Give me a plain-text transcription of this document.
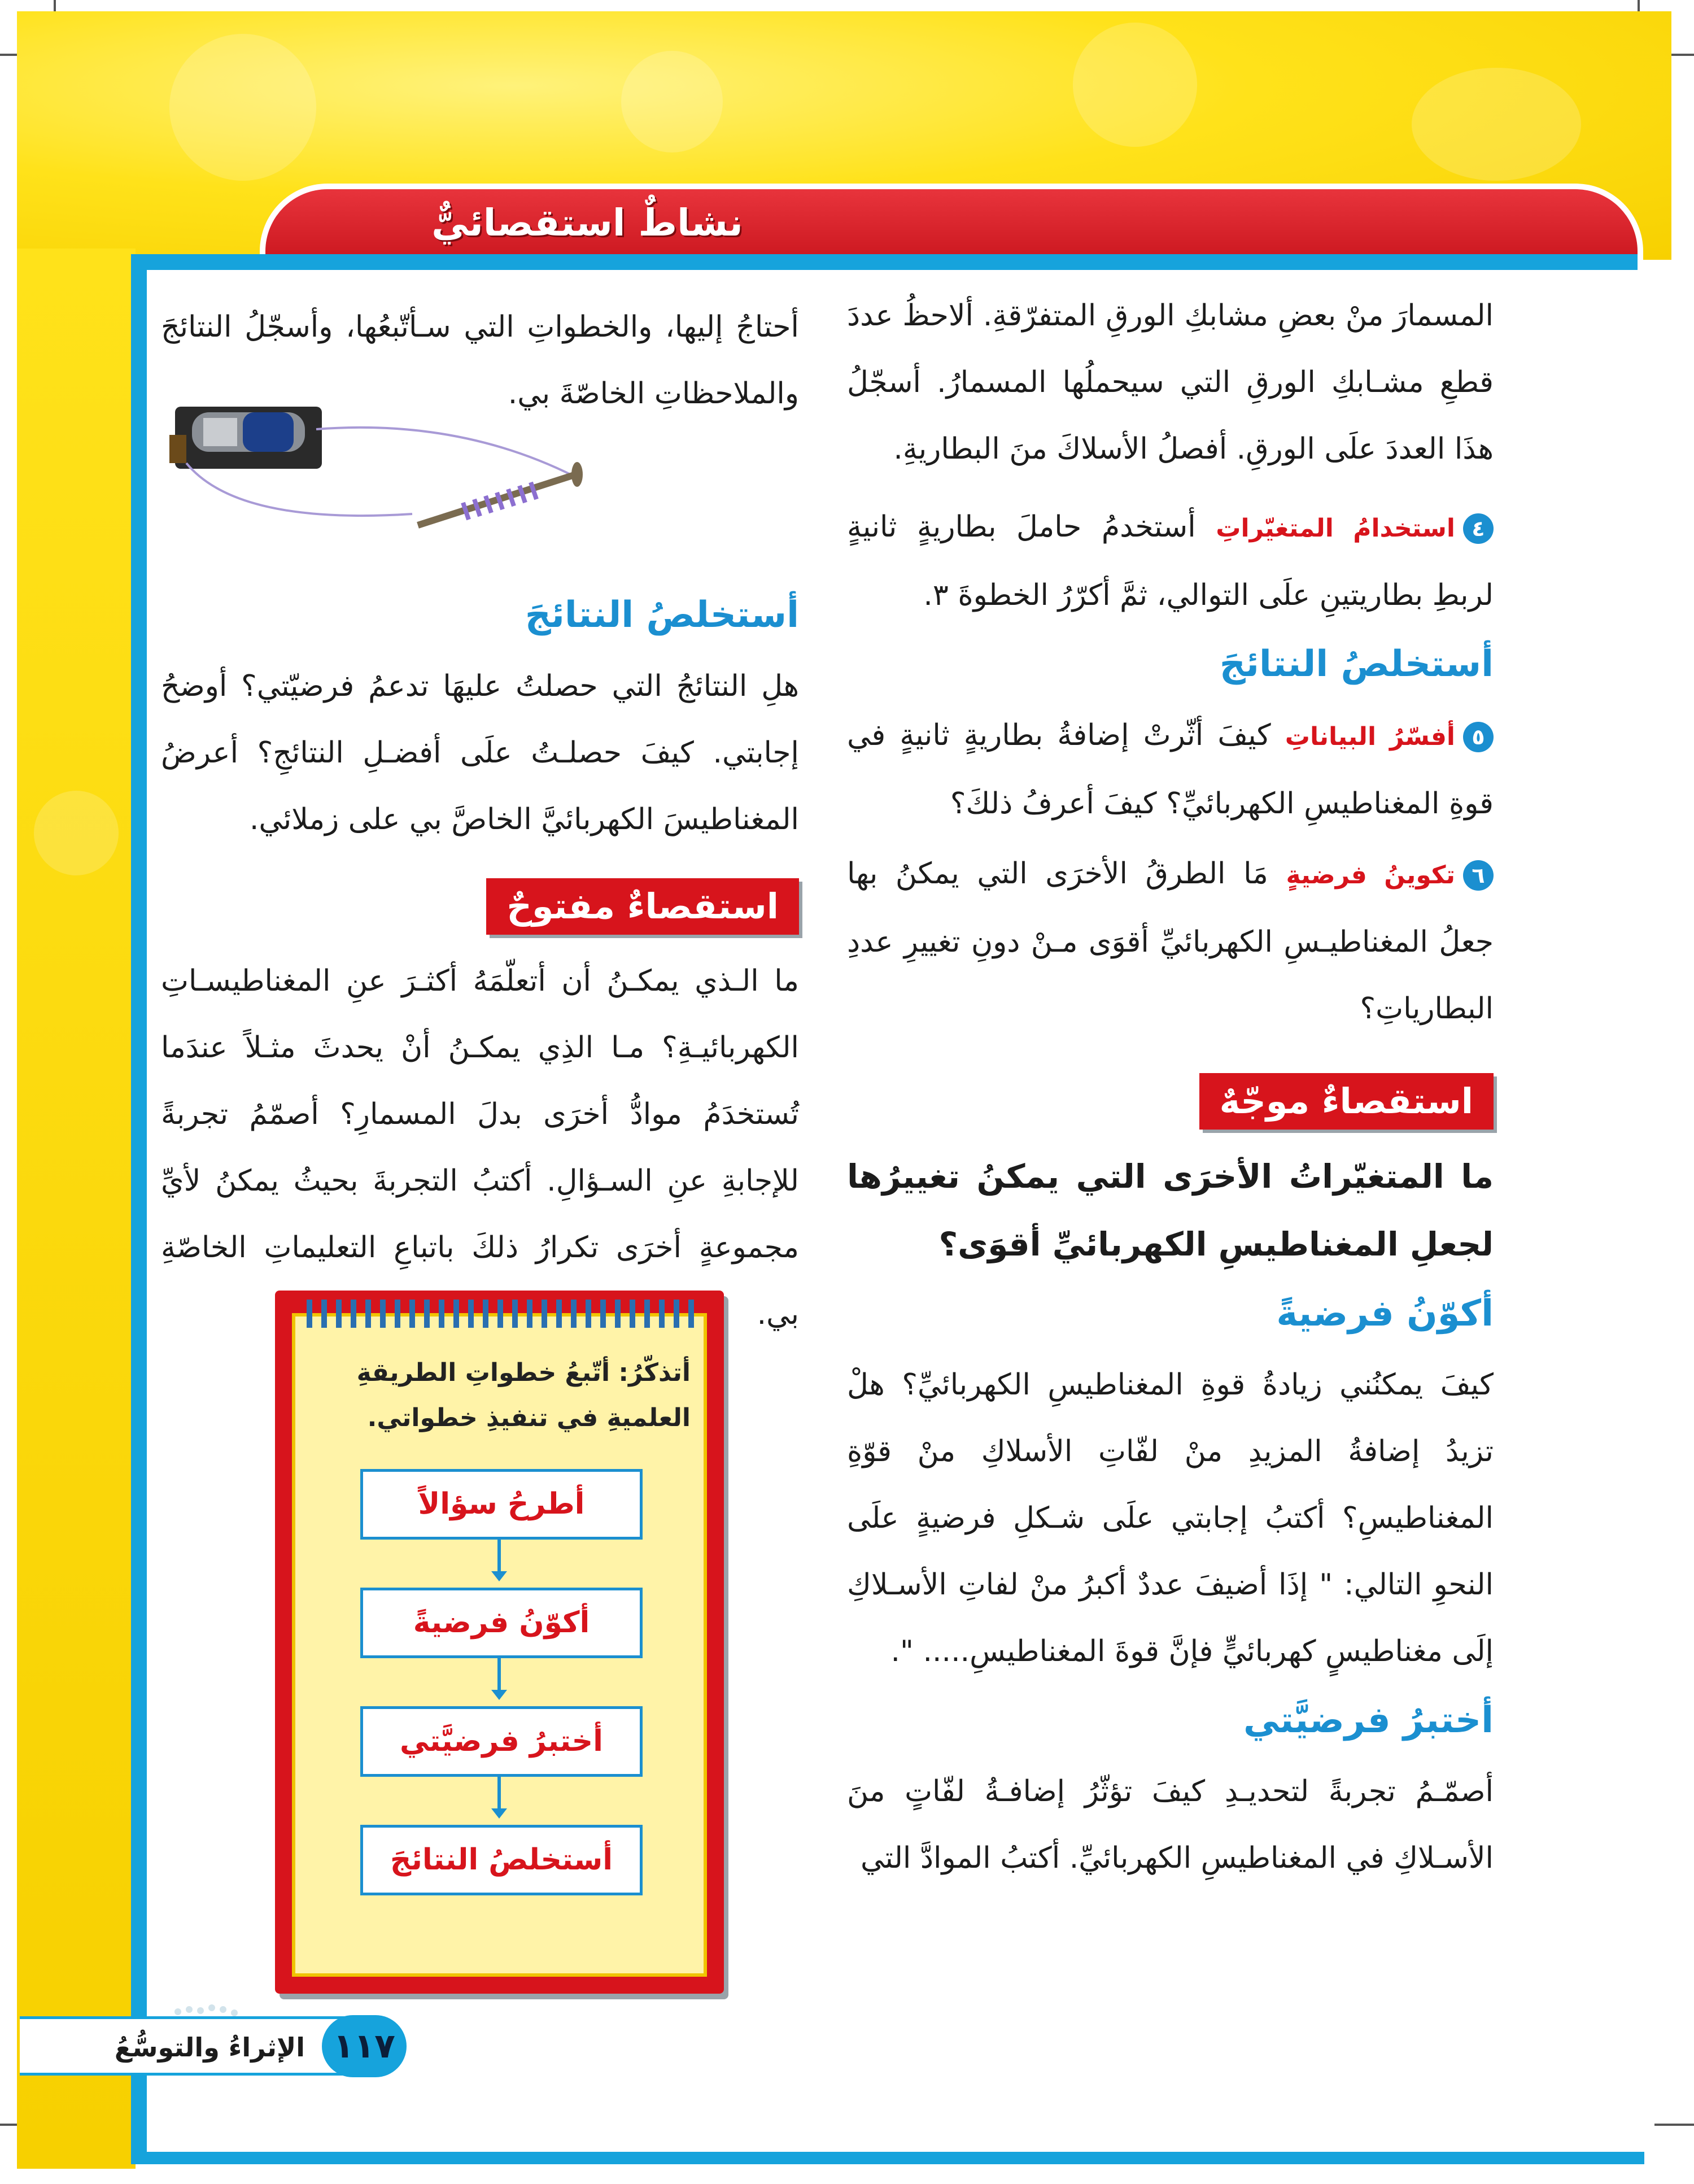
نشاطٌ استقصائيٌّ

المسمارَ منْ بعضِ مشابكِ الورقِ المتفرّقةِ. ألاحظُ عددَ قطعِ مشـابكِ الورقِ التي سيحملُها المسمارُ. أسجّلُ هذَا العددَ علَى الورقِ. أفصلُ الأسلاكَ منَ البطاريةِ.

٤استخدامُ المتغيّراتِ أستخدمُ حاملَ بطاريةٍ ثانيةٍ لربطِ بطاريتينِ علَى التوالي، ثمَّ أكرّرُ الخطوةَ ٣.

أستخلصُ النتائجَ

٥أفسّرُ البياناتِ كيفَ أثّرتْ إضافةُ بطاريةٍ ثانيةٍ في قوةِ المغناطيسِ الكهربائيِّ؟ كيفَ أعرفُ ذلكَ؟

٦تكوينُ فرضيةٍ مَا الطرقُ الأخرَى التي يمكنُ بها جعلُ المغناطيـسِ الكهربائيِّ أقوَى مـنْ دونِ تغييرِ عددِ البطارياتِ؟

استقصاءٌ موجّهٌ

ما المتغيّراتُ الأخرَى التي يمكنُ تغييرُها لجعلِ المغناطيسِ الكهربائيِّ أقوَى؟

أكوّنُ فرضيةً

كيفَ يمكنُني زيادةُ قوةِ المغناطيسِ الكهربائيِّ؟ هلْ تزيدُ إضافةُ المزيدِ منْ لفّاتِ الأسلاكِ منْ قوّةِ المغناطيسِ؟ أكتبُ إجابتي علَى شـكلِ فرضيةٍ علَى النحوِ التالي: " إذَا أضيفَ عددٌ أكبرُ منْ لفاتِ الأسـلاكِ إلَى مغناطيسٍ كهربائيٍّ فإنَّ قوةَ المغناطيسِ..... ".

أختبرُ فرضيَّتي

أصمّـمُ تجربةً لتحديـدِ كيفَ تؤثّرُ إضافـةُ لفّاتٍ منَ الأسـلاكِ في المغناطيسِ الكهربائيِّ. أكتبُ الموادَّ التي

أحتاجُ إليها، والخطواتِ التي سـأتّبعُها، وأسجّلُ النتائجَ والملاحظاتِ الخاصّةَ بي.

أستخلصُ النتائجَ

هلِ النتائجُ التي حصلتُ عليهَا تدعمُ فرضيّتي؟ أوضحُ إجابتي. كيفَ حصلـتُ علَى أفضـلِ النتائجِ؟ أعرضُ المغناطيسَ الكهربائيَّ الخاصَّ بي على زملائي.

استقصاءٌ مفتوحٌ

ما الـذي يمكـنُ أن أتعلّمَهُ أكثـرَ عنِ المغناطيسـاتِ الكهربائيـةِ؟ مـا الذِي يمكـنُ أنْ يحدثَ مثـلاً عندَما تُستخدَمُ موادُّ أخرَى بدلَ المسمارِ؟ أصمّمُ تجربةً للإجابةِ عنِ السـؤالِ. أكتبُ التجربةَ بحيثُ يمكنُ لأيِّ مجموعةٍ أخرَى تكرارُ ذلكَ باتباعِ التعليماتِ الخاصّةِ بي.

أتذكّرُ: أتّبعُ خطواتِ الطريقةِ العلميةِ في تنفيذِ خطواتي.
أطرحُ سؤالاً
أكوّنُ فرضيةً
أختبرُ فرضيَّتي
أستخلصُ النتائجَ
الإثراءُ والتوسُّعُ ١١٧
